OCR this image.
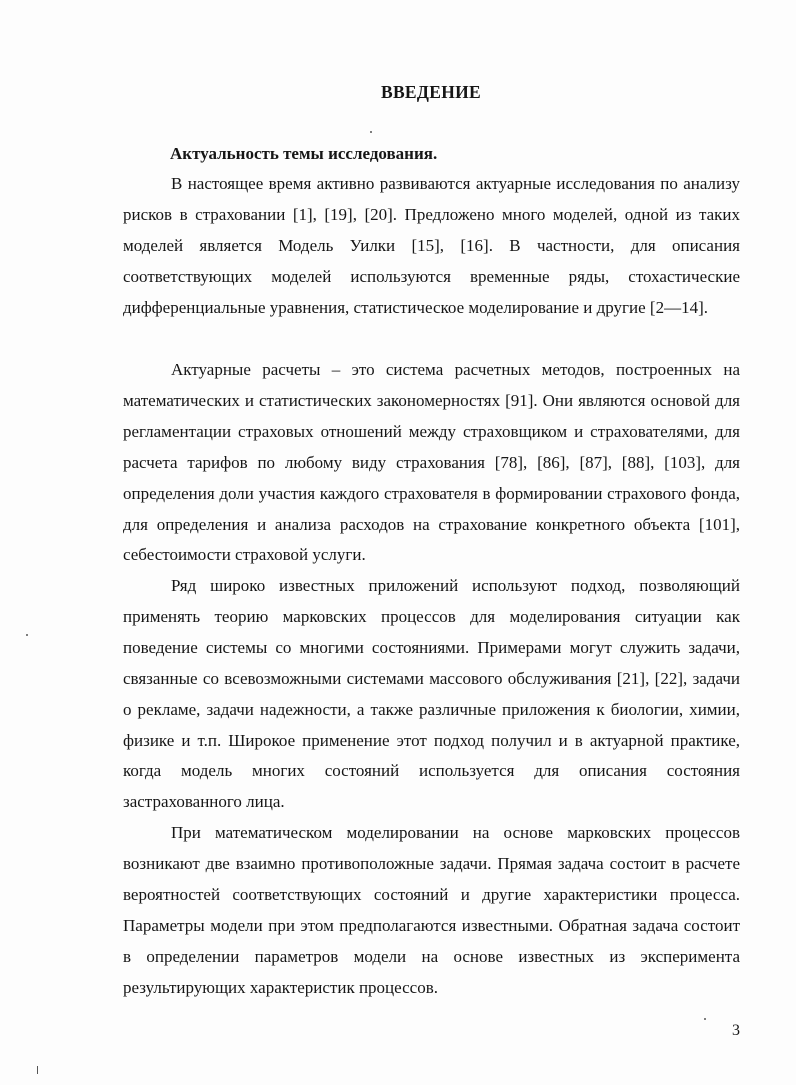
ВВЕДЕНИЕ
Актуальность темы исследования.

В настоящее время активно развиваются актуарные исследования по анализу рисков в страховании [1], [19], [20]. Предложено много моделей, одной из таких моделей является Модель Уилки [15], [16]. В частности, для описания соответствующих моделей используются временные ряды, стохастические дифференциальные уравнения, статистическое моделирование и другие [2—14].

Актуарные расчеты – это система расчетных методов, построенных на математических и статистических закономерностях [91]. Они являются основой для регламентации страховых отношений между страховщиком и страхователями, для расчета тарифов по любому виду страхования [78], [86], [87], [88], [103], для определения доли участия каждого страхователя в формировании страхового фонда, для определения и анализа расходов на страхование конкретного объекта [101], себестоимости страховой услуги.

Ряд широко известных приложений используют подход, позволяющий применять теорию марковских процессов для моделирования ситуации как поведение системы со многими состояниями. Примерами могут служить задачи, связанные со всевозможными системами массового обслуживания [21], [22], задачи о рекламе, задачи надежности, а также различные приложения к биологии, химии, физике и т.п. Широкое применение этот подход получил и в актуарной практике, когда модель многих состояний используется для описания состояния застрахованного лица.

При математическом моделировании на основе марковских процессов возникают две взаимно противоположные задачи. Прямая задача состоит в расчете вероятностей соответствующих состояний и другие характеристики процесса. Параметры модели при этом предполагаются известными. Обратная задача состоит в определении параметров модели на основе известных из эксперимента результирующих характеристик процессов.

3
